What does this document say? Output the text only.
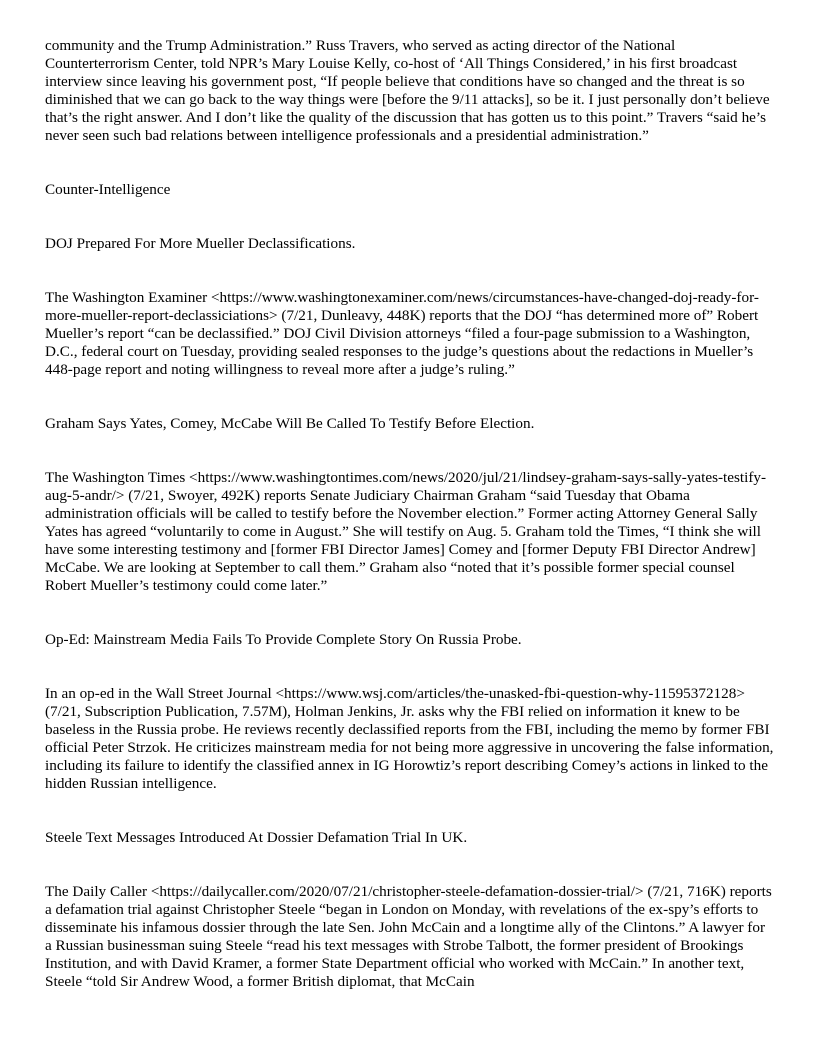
community and the Trump Administration.” Russ Travers, who served as acting director of the National Counterterrorism Center, told NPR’s Mary Louise Kelly, co-host of ‘All Things Considered,’ in his first broadcast interview since leaving his government post, “If people believe that conditions have so changed and the threat is so diminished that we can go back to the way things were [before the 9/11 attacks], so be it. I just personally don’t believe that’s the right answer. And I don’t like the quality of the discussion that has gotten us to this point.” Travers “said he’s never seen such bad relations between intelligence professionals and a presidential administration.”

Counter-Intelligence

DOJ Prepared For More Mueller Declassifications.

The Washington Examiner <https://www.washingtonexaminer.com/news/circumstances-have-changed-doj-ready-for-more-mueller-report-declassiciations> (7/21, Dunleavy, 448K) reports that the DOJ “has determined more of” Robert Mueller’s report “can be declassified.” DOJ Civil Division attorneys “filed a four-page submission to a Washington, D.C., federal court on Tuesday, providing sealed responses to the judge’s questions about the redactions in Mueller’s 448-page report and noting willingness to reveal more after a judge’s ruling.”

Graham Says Yates, Comey, McCabe Will Be Called To Testify Before Election.

The Washington Times <https://www.washingtontimes.com/news/2020/jul/21/lindsey-graham-says-sally-yates-testify-aug-5-andr/> (7/21, Swoyer, 492K) reports Senate Judiciary Chairman Graham “said Tuesday that Obama administration officials will be called to testify before the November election.” Former acting Attorney General Sally Yates has agreed “voluntarily to come in August.” She will testify on Aug. 5. Graham told the Times, “I think she will have some interesting testimony and [former FBI Director James] Comey and [former Deputy FBI Director Andrew] McCabe. We are looking at September to call them.” Graham also “noted that it’s possible former special counsel Robert Mueller’s testimony could come later.”

Op-Ed: Mainstream Media Fails To Provide Complete Story On Russia Probe.

In an op-ed in the Wall Street Journal <https://www.wsj.com/articles/the-unasked-fbi-question-why-11595372128> (7/21, Subscription Publication, 7.57M), Holman Jenkins, Jr. asks why the FBI relied on information it knew to be baseless in the Russia probe. He reviews recently declassified reports from the FBI, including the memo by former FBI official Peter Strzok. He criticizes mainstream media for not being more aggressive in uncovering the false information, including its failure to identify the classified annex in IG Horowtiz’s report describing Comey’s actions in linked to the hidden Russian intelligence.

Steele Text Messages Introduced At Dossier Defamation Trial In UK.

The Daily Caller <https://dailycaller.com/2020/07/21/christopher-steele-defamation-dossier-trial/> (7/21, 716K) reports a defamation trial against Christopher Steele “began in London on Monday, with revelations of the ex-spy’s efforts to disseminate his infamous dossier through the late Sen. John McCain and a longtime ally of the Clintons.” A lawyer for a Russian businessman suing Steele “read his text messages with Strobe Talbott, the former president of Brookings Institution, and with David Kramer, a former State Department official who worked with McCain.” In another text, Steele “told Sir Andrew Wood, a former British diplomat, that McCain
